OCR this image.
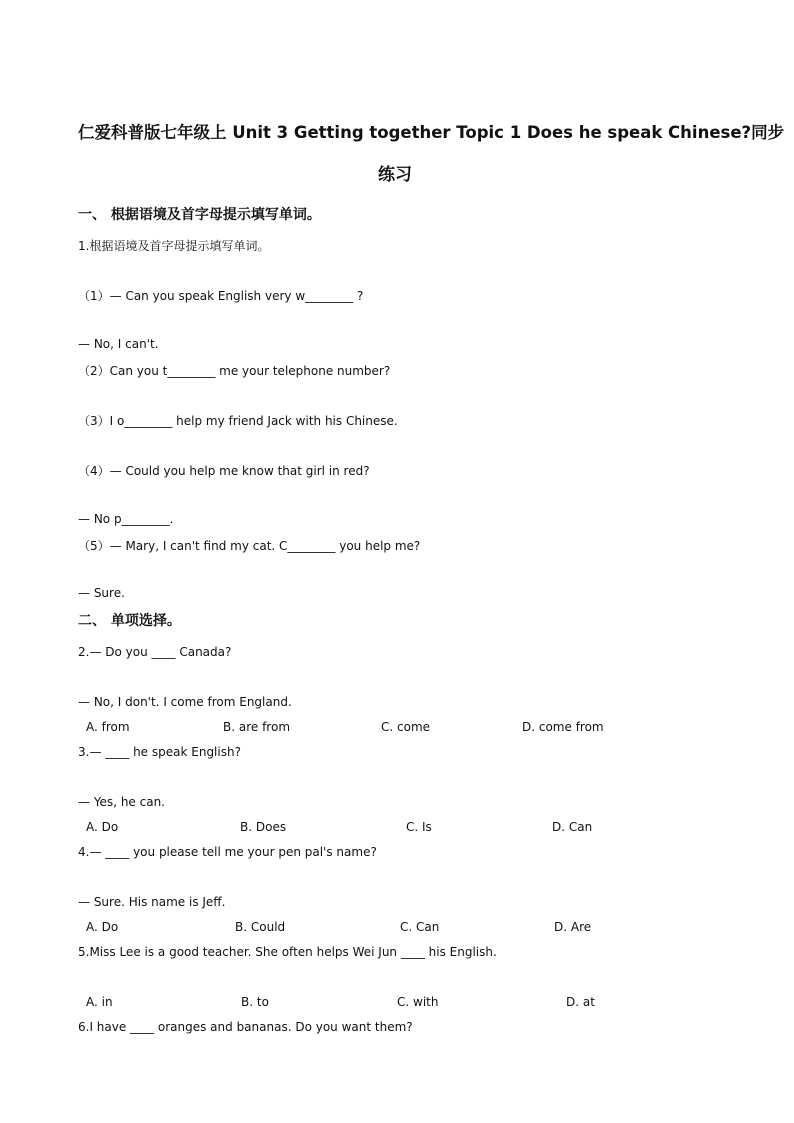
仁爱科普版七年级上 Unit 3 Getting together Topic 1 Does he speak Chinese?同步
练习
一、 根据语境及首字母提示填写单词。
1.根据语境及首字母提示填写单词。
（1）— Can you speak English very w________ ?
— No, I can't.
（2）Can you t________ me your telephone number?
（3）I o________ help my friend Jack with his Chinese.
（4）— Could you help me know that girl in red?
— No p________.
（5）— Mary, I can't find my cat. C________ you help me?
— Sure.
二、 单项选择。
2.— Do you ____ Canada?
— No, I don't. I come from England.
A. from	B. are from	C. come	D. come from
3.— ____ he speak English?
— Yes, he can.
A. Do	B. Does	C. Is	D. Can
4.— ____ you please tell me your pen pal's name?
— Sure. His name is Jeff.
A. Do	B. Could	C. Can	D. Are
5.Miss Lee is a good teacher. She often helps Wei Jun ____ his English.
A. in	B. to	C. with	D. at
6.I have ____ oranges and bananas. Do you want them?
